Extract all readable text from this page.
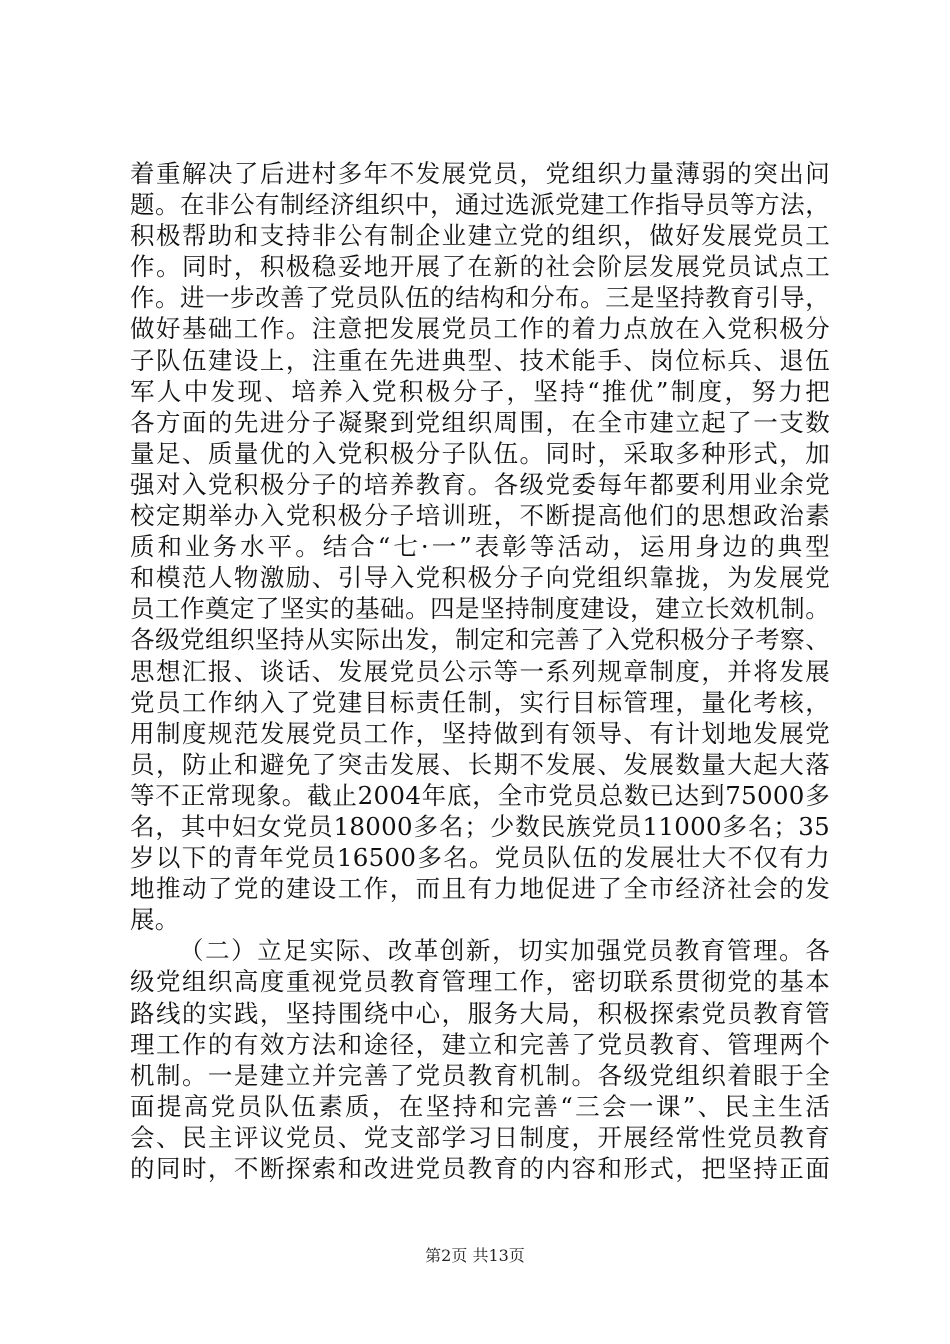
着重解决了后进村多年不发展党员，党组织力量薄弱的突出问
题。在非公有制经济组织中，通过选派党建工作指导员等方法，
积极帮助和支持非公有制企业建立党的组织，做好发展党员工
作。同时，积极稳妥地开展了在新的社会阶层发展党员试点工
作。进一步改善了党员队伍的结构和分布。三是坚持教育引导，
做好基础工作。注意把发展党员工作的着力点放在入党积极分
子队伍建设上，注重在先进典型、技术能手、岗位标兵、退伍
军人中发现、培养入党积极分子，坚持“推优”制度，努力把
各方面的先进分子凝聚到党组织周围，在全市建立起了一支数
量足、质量优的入党积极分子队伍。同时，采取多种形式，加
强对入党积极分子的培养教育。各级党委每年都要利用业余党
校定期举办入党积极分子培训班，不断提高他们的思想政治素
质和业务水平。结合“七·一”表彰等活动，运用身边的典型
和模范人物激励、引导入党积极分子向党组织靠拢，为发展党
员工作奠定了坚实的基础。四是坚持制度建设，建立长效机制。
各级党组织坚持从实际出发，制定和完善了入党积极分子考察、
思想汇报、谈话、发展党员公示等一系列规章制度，并将发展
党员工作纳入了党建目标责任制，实行目标管理，量化考核，
用制度规范发展党员工作，坚持做到有领导、有计划地发展党
员，防止和避免了突击发展、长期不发展、发展数量大起大落
等不正常现象。截止2004年底，全市党员总数已达到75000多
名，其中妇女党员18000多名；少数民族党员11000多名；35
岁以下的青年党员16500多名。党员队伍的发展壮大不仅有力
地推动了党的建设工作，而且有力地促进了全市经济社会的发
展。
（二）立足实际、改革创新，切实加强党员教育管理。各
级党组织高度重视党员教育管理工作，密切联系贯彻党的基本
路线的实践，坚持围绕中心，服务大局，积极探索党员教育管
理工作的有效方法和途径，建立和完善了党员教育、管理两个
机制。一是建立并完善了党员教育机制。各级党组织着眼于全
面提高党员队伍素质，在坚持和完善“三会一课”、民主生活
会、民主评议党员、党支部学习日制度，开展经常性党员教育
的同时，不断探索和改进党员教育的内容和形式，把坚持正面
第2页 共13页
